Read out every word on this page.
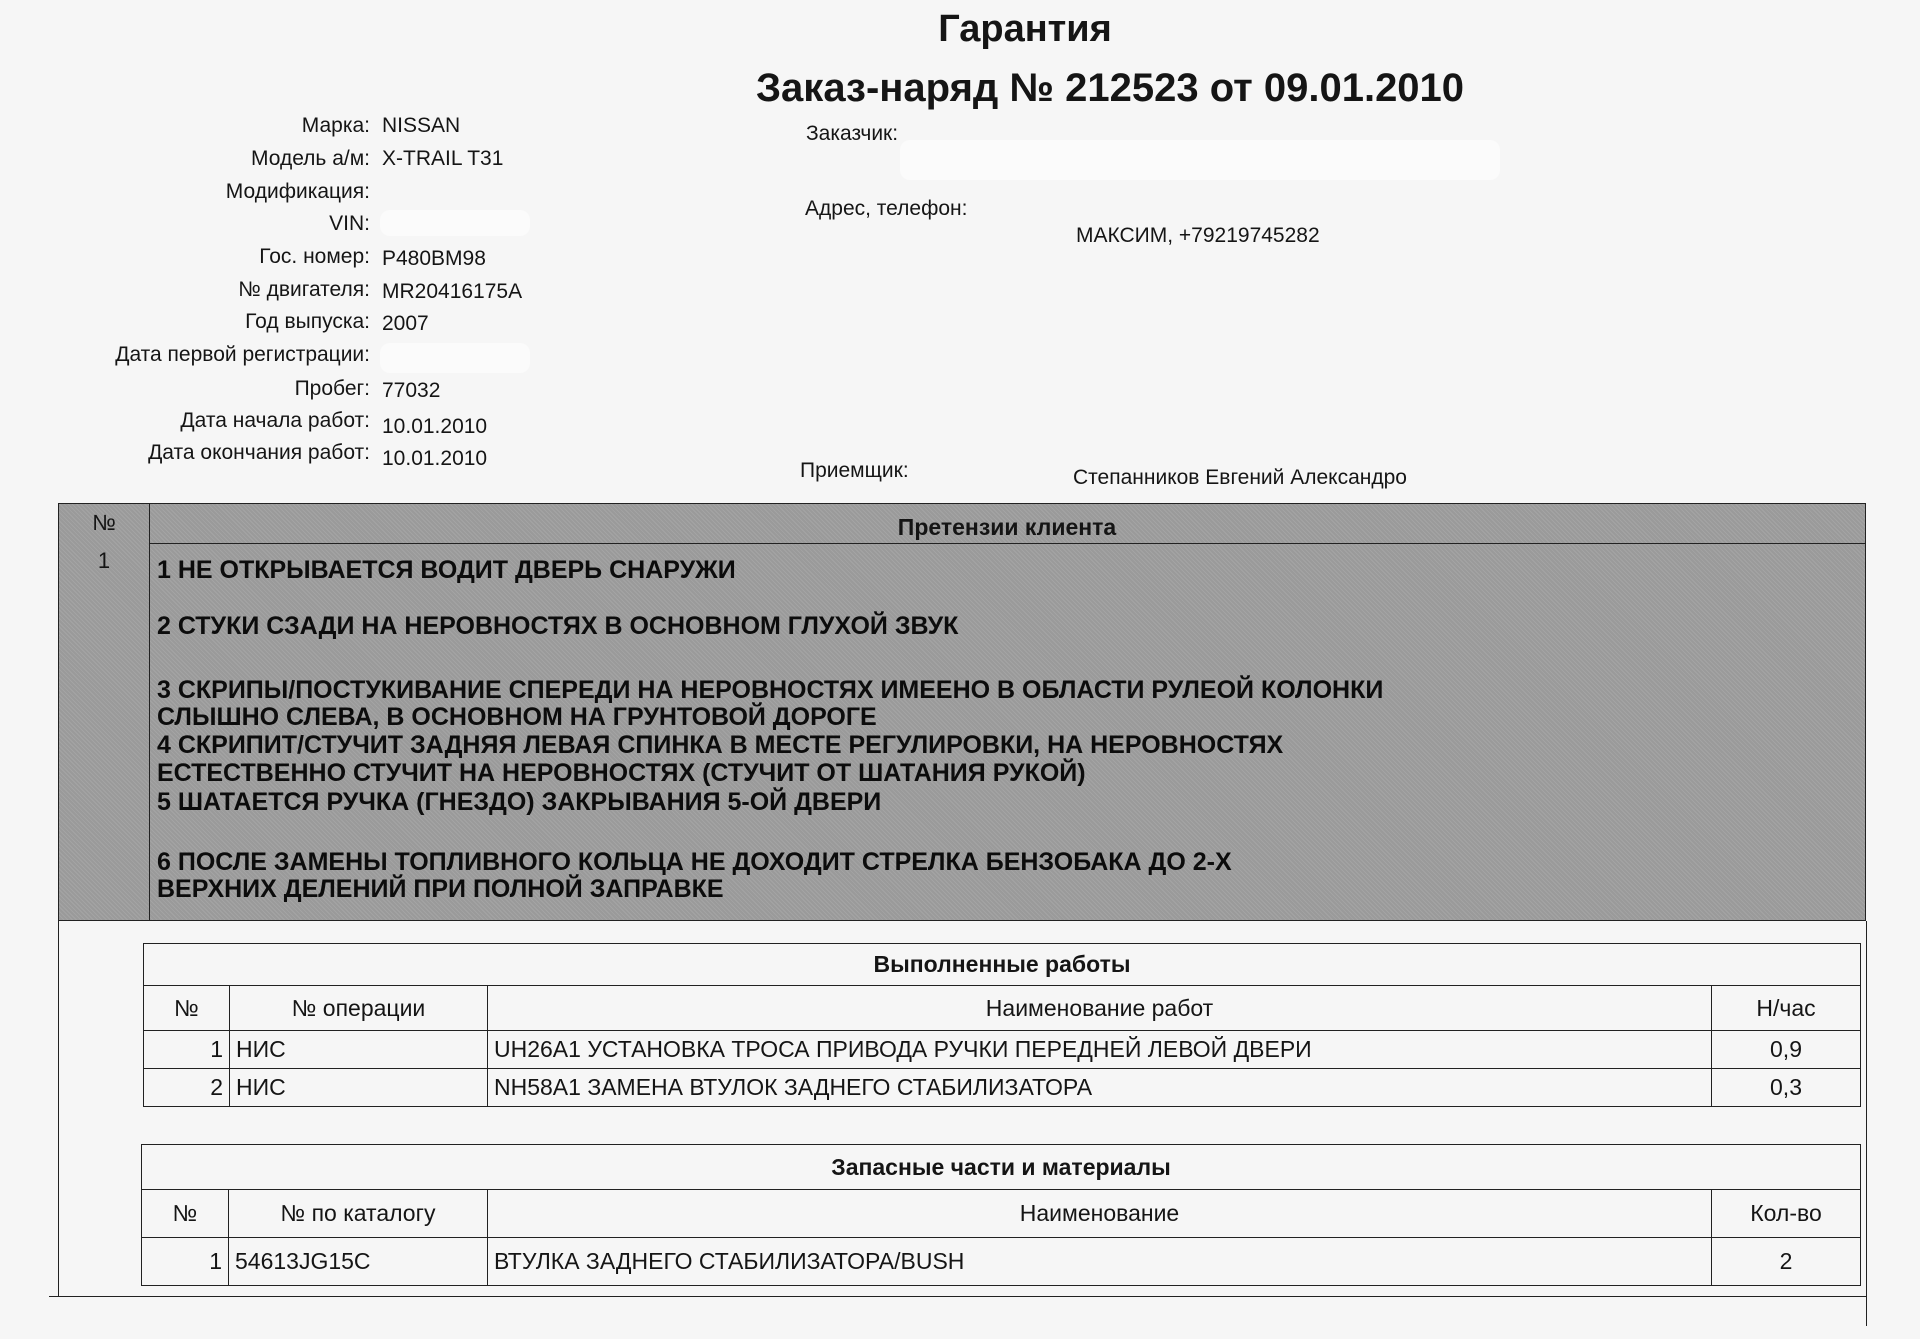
Гарантия
Заказ-наряд № 212523 от 09.01.2010
Марка: NISSAN
Модель а/м: X-TRAIL T31
Модификация:
VIN:
Гос. номер: Р480ВМ98
№ двигателя: MR20416175A
Год выпуска: 2007
Дата первой регистрации:
Пробег: 77032
Дата начала работ: 10.01.2010
Дата окончания работ: 10.01.2010
Заказчик:
Адрес, телефон:
МАКСИМ, +79219745282
Приемщик:	Степанников Евгений Александро
№	Претензии клиента
1	1 НЕ ОТКРЫВАЕТСЯ ВОДИТ ДВЕРЬ СНАРУЖИ
2 СТУКИ СЗАДИ НА НЕРОВНОСТЯХ В ОСНОВНОМ ГЛУХОЙ ЗВУК
3 СКРИПЫ/ПОСТУКИВАНИЕ СПЕРЕДИ НА НЕРОВНОСТЯХ ИМЕЕНО В ОБЛАСТИ РУЛЕОЙ КОЛОНКИ
СЛЫШНО СЛЕВА, В ОСНОВНОМ НА ГРУНТОВОЙ ДОРОГЕ
4 СКРИПИТ/СТУЧИТ ЗАДНЯЯ ЛЕВАЯ СПИНКА В МЕСТЕ РЕГУЛИРОВКИ, НА НЕРОВНОСТЯХ
ЕСТЕСТВЕННО СТУЧИТ НА НЕРОВНОСТЯХ (СТУЧИТ ОТ ШАТАНИЯ РУКОЙ)
5 ШАТАЕТСЯ РУЧКА (ГНЕЗДО) ЗАКРЫВАНИЯ 5-ОЙ ДВЕРИ
6 ПОСЛЕ ЗАМЕНЫ ТОПЛИВНОГО КОЛЬЦА НЕ ДОХОДИТ СТРЕЛКА БЕНЗОБАКА ДО 2-Х
ВЕРХНИХ ДЕЛЕНИЙ ПРИ ПОЛНОЙ ЗАПРАВКЕ
Выполненные работы			
№	№ операции	Наименование работ	Н/час
1	НИС	UH26A1 УСТАНОВКА ТРОСА ПРИВОДА РУЧКИ ПЕРЕДНЕЙ ЛЕВОЙ ДВЕРИ	0,9
2	НИС	NH58A1 ЗАМЕНА ВТУЛОК ЗАДНЕГО СТАБИЛИЗАТОРА	0,3
Запасные части и материалы			
№	№ по каталогу	Наименование	Кол-во
1	54613JG15C	ВТУЛКА ЗАДНЕГО СТАБИЛИЗАТОРА/BUSH	2
